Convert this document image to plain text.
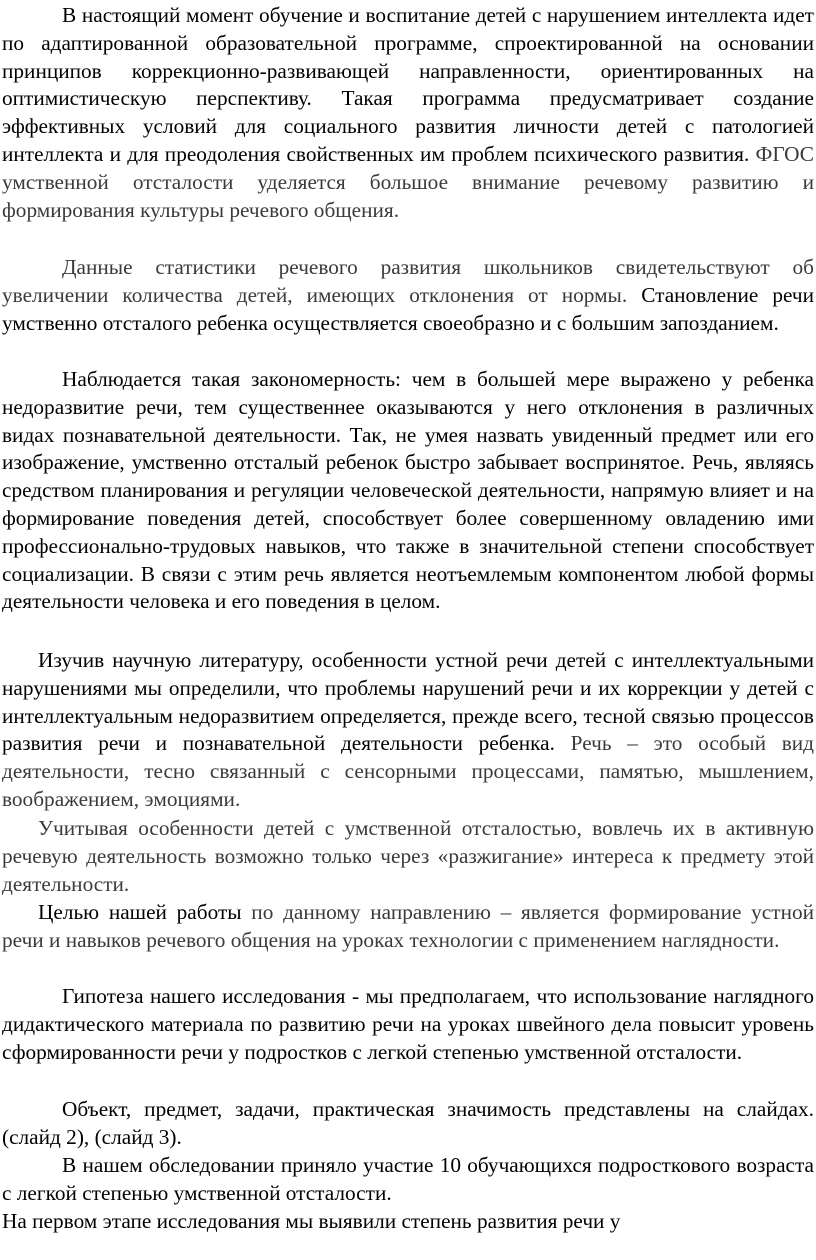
В настоящий момент обучение и воспитание детей с нарушением интеллекта идет по адаптированной образовательной программе, спроектированной на основании принципов коррекционно-развивающей направленности, ориентированных на оптимистическую перспективу. Такая программа предусматривает создание эффективных условий для социального развития личности детей с патологией интеллекта и для преодоления свойственных им проблем психического развития. ФГОС умственной отсталости уделяется большое внимание речевому развитию и формирования культуры речевого общения.

Данные статистики речевого развития школьников свидетельствуют об увеличении количества детей, имеющих отклонения от нормы. Становление речи умственно отсталого ребенка осуществляется своеобразно и с большим запозданием.

Наблюдается такая закономерность: чем в большей мере выражено у ребенка недоразвитие речи, тем существеннее оказываются у него отклонения в различных видах познавательной деятельности. Так, не умея назвать увиденный предмет или его изображение, умственно отсталый ребенок быстро забывает воспринятое. Речь, являясь средством планирования и регуляции человеческой деятельности, напрямую влияет и на формирование поведения детей, способствует более совершенному овладению ими профессионально-трудовых навыков, что также в значительной степени способствует социализации. В связи с этим речь является неотъемлемым компонентом любой формы деятельности человека и его поведения в целом.

Изучив научную литературу, особенности устной речи детей с интеллектуальными нарушениями мы определили, что проблемы нарушений речи и их коррекции у детей с интеллектуальным недоразвитием определяется, прежде всего, тесной связью процессов развития речи и познавательной деятельности ребенка. Речь – это особый вид деятельности, тесно связанный с сенсорными процессами, памятью, мышлением, воображением, эмоциями.

Учитывая особенности детей с умственной отсталостью, вовлечь их в активную речевую деятельность возможно только через «разжигание» интереса к предмету этой деятельности.

Целью нашей работы по данному направлению – является формирование устной речи и навыков речевого общения на уроках технологии с применением наглядности.

Гипотеза нашего исследования - мы предполагаем, что использование наглядного дидактического материала по развитию речи на уроках швейного дела повысит уровень сформированности речи у подростков с легкой степенью умственной отсталости.

Объект, предмет, задачи, практическая значимость представлены на слайдах. (слайд 2), (слайд 3).

В нашем обследовании приняло участие 10 обучающихся подросткового возраста с легкой степенью умственной отсталости.

На первом этапе исследования мы выявили степень развития речи у
